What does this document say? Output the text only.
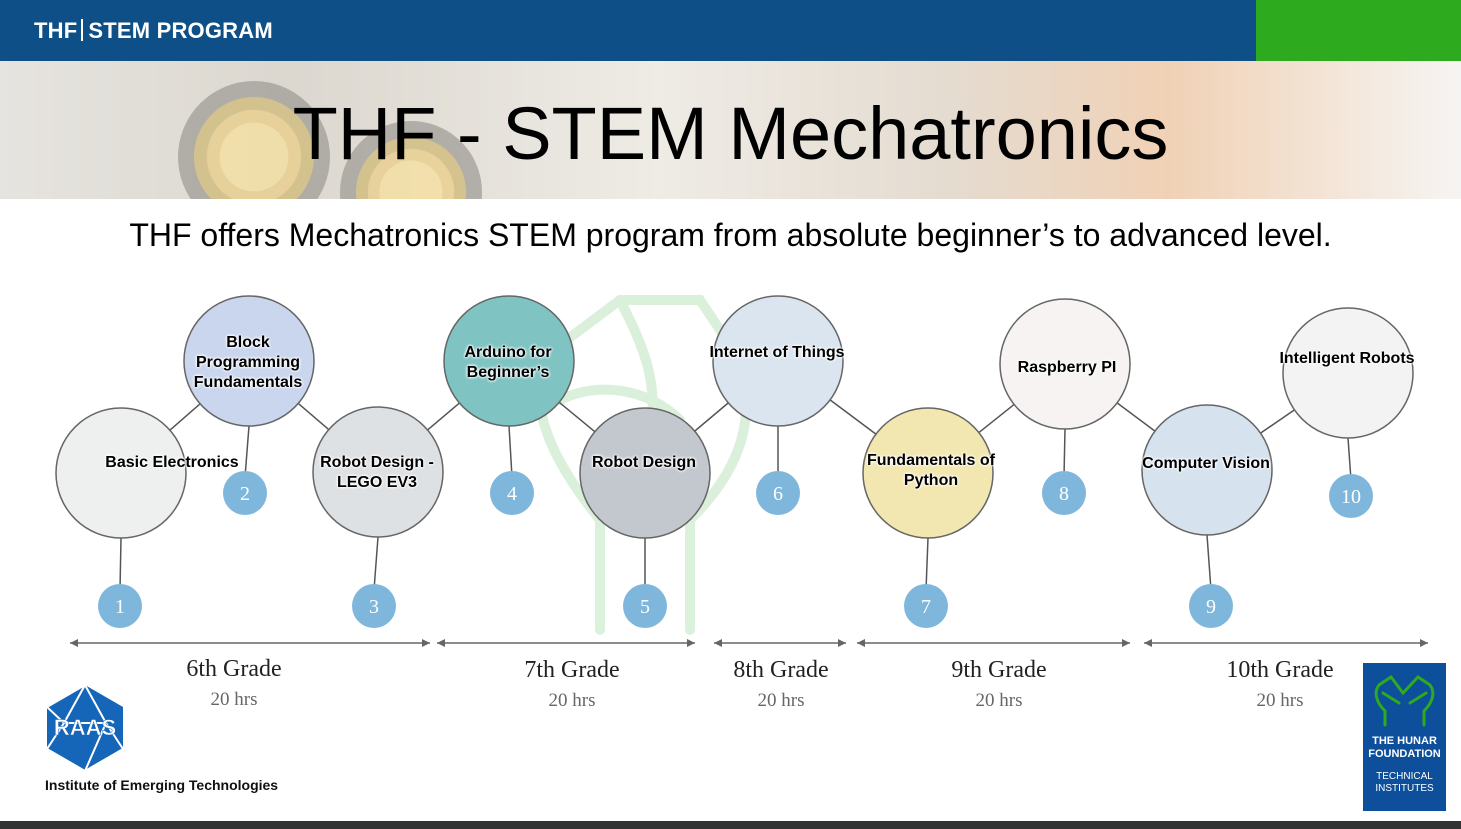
THF STEM PROGRAM
THF - STEM Mechatronics
THF offers Mechatronics STEM program from absolute beginner’s to advanced level.
1
2
3
4
5
6
7
8
9
10
Basic Electronics
Block Programming Fundamentals
Robot Design - LEGO EV3
Arduino for Beginner’s
Robot Design
Internet of Things
Fundamentals of Python
Raspberry PI
Computer Vision
Intelligent Robots
6th Grade
20 hrs
7th Grade
20 hrs
8th Grade
20 hrs
9th Grade
20 hrs
10th Grade
20 hrs
RAAS
Institute of Emerging Technologies
THE HUNAR FOUNDATION
TECHNICAL INSTITUTES
